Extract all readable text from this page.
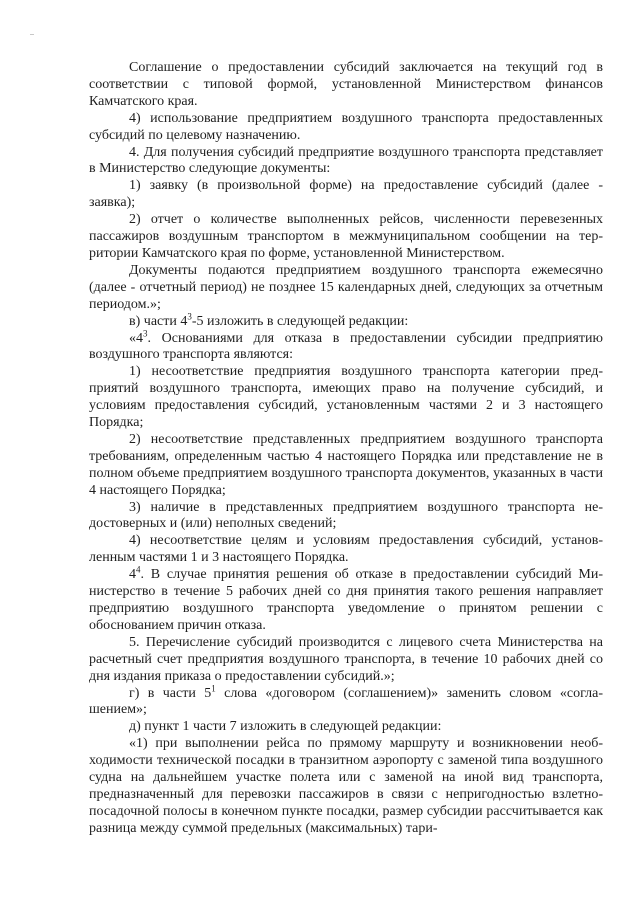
Соглашение о предоставлении субсидий заключается на текущий год в соответствии с типовой формой, установленной Министерством финансов Камчатского края.

4) использование предприятием воздушного транспорта предоставленных субсидий по целевому назначению.

4. Для получения субсидий предприятие воздушного транспорта представляет в Министерство следующие документы:

1) заявку (в произвольной форме) на предоставление субсидий (далее - заявка);

2) отчет о количестве выполненных рейсов, численности перевезенных пассажиров воздушным транспортом в межмуниципальном сообщении на территории Камчатского края по форме, установленной Министерством.

Документы подаются предприятием воздушного транспорта ежемесячно (далее - отчетный период) не позднее 15 календарных дней, следующих за отчетным периодом.»;

в) части $4^3-5$ изложить в следующей редакции:

«$4^3$. Основаниями для отказа в предоставлении субсидии предприятию воздушного транспорта являются:

1) несоответствие предприятия воздушного транспорта категории предприятий воздушного транспорта, имеющих право на получение субсидий, и условиям предоставления субсидий, установленным частями 2 и 3 настоящего Порядка;

2) несоответствие представленных предприятием воздушного транспорта требованиям, определенным частью 4 настоящего Порядка или представление не в полном объеме предприятием воздушного транспорта документов, указанных в части 4 настоящего Порядка;

3) наличие в представленных предприятием воздушного транспорта недостоверных и (или) неполных сведений;

4) несоответствие целям и условиям предоставления субсидий, установленным частями 1 и 3 настоящего Порядка.

$4^4$. В случае принятия решения об отказе в предоставлении субсидий Министерство в течение 5 рабочих дней со дня принятия такого решения направляет предприятию воздушного транспорта уведомление о принятом решении с обоснованием причин отказа.

5. Перечисление субсидий производится с лицевого счета Министерства на расчетный счет предприятия воздушного транспорта, в течение 10 рабочих дней со дня издания приказа о предоставлении субсидий.»;

г) в части $5^1$ слова «договором (соглашением)» заменить словом «соглашением»;

д) пункт 1 части 7 изложить в следующей редакции:

«1) при выполнении рейса по прямому маршруту и возникновении необходимости технической посадки в транзитном аэропорту с заменой типа воздушного судна на дальнейшем участке полета или с заменой на иной вид транспорта, предназначенный для перевозки пассажиров в связи с непригодностью взлетно-посадочной полосы в конечном пункте посадки, размер субсидии рассчитывается как разница между суммой предельных (максимальных) тари-
